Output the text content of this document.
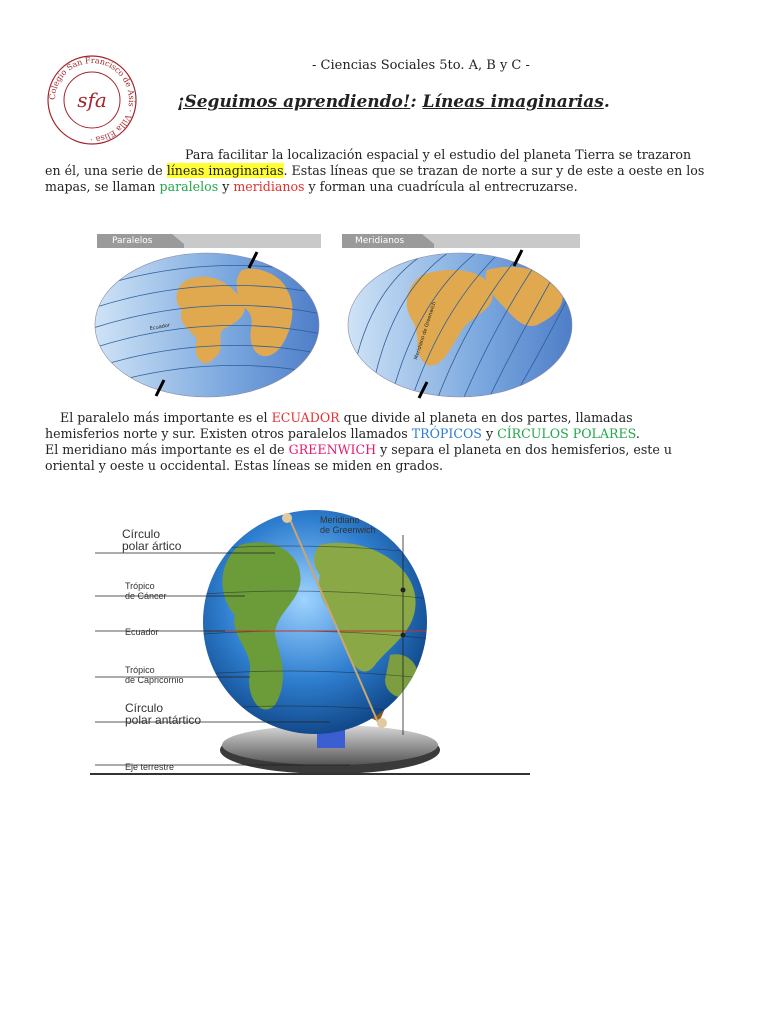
Colegio San Francisco de Asís · Villa Elisa ·
sfa
- Ciencias Sociales 5to. A, B y C -
¡Seguimos aprendiendo!: Líneas imaginarias.
Para facilitar la localización espacial y el estudio del planeta Tierra se trazaron
en él, una serie de líneas imaginarias. Estas líneas que se trazan de norte a sur y de este a oeste en los
mapas, se llaman paralelos y meridianos y forman una cuadrícula al entrecruzarse.
Ecuador	Meridiano de Greenwich
Paralelos	Meridianos
El paralelo más importante es el ECUADOR que divide al planeta en dos partes, llamadas
hemisferios norte y sur. Existen otros paralelos llamados TRÓPICOS y CÍRCULOS POLARES.
El meridiano más importante es el de GREENWICH y separa el planeta en dos hemisferios, este u
oriental y oeste u occidental. Estas líneas se miden en grados.
Círculo
polar ártico
Trópico
de Cáncer
Ecuador
Trópico
de Capricornio
Círculo
polar antártico
Eje terrestre
Meridiano
de Greenwich
